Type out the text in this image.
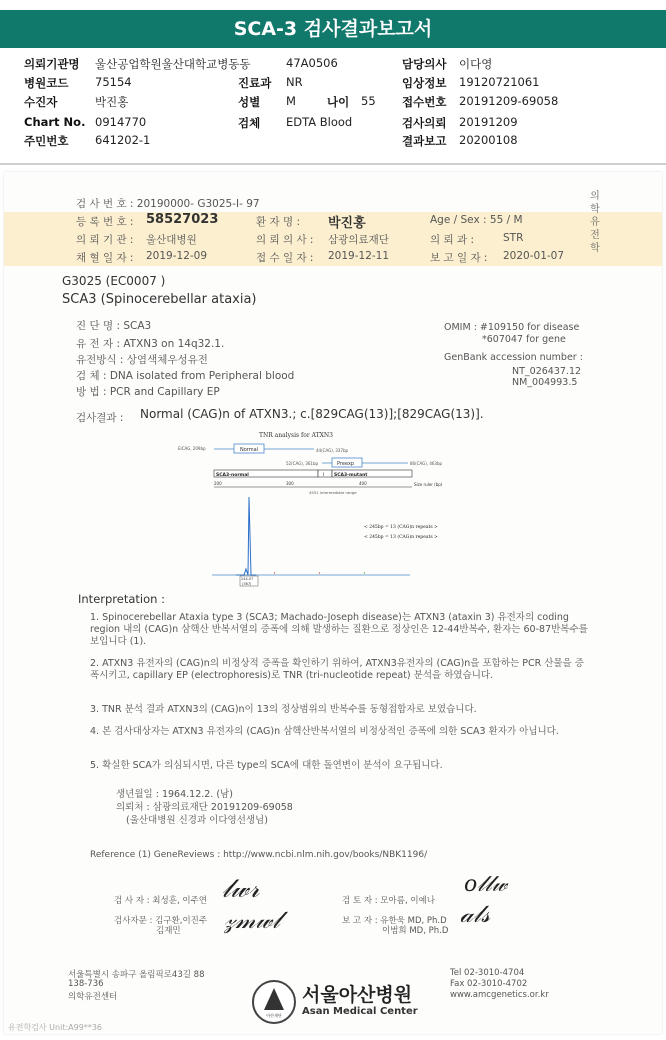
SCA-3 검사결과보고서
의뢰기관명 울산공업학원울산대학교병동동	47A0506	담당의사 이다영
병원코드 75154	진료과 NR	임상정보 19120721061
수진자	박진홍	성별 M	나이 55 접수번호 20191209-69058
Chart No. 0914770	검체 EDTA Blood	검사의뢰 20191209
주민번호 641202-1	결과보고 20200108
의학유전학
검 사 번 호 : 20190000- G3025-I- 97
등 록 번 호 : 58527023	환 자 명 : 박진홍	Age / Sex : 55 / M
의 뢰 기 관 : 울산대병원	의 뢰 의 사 : 삼광의료재단	의 뢰 과 :	STR
채 혈 일 자 : 2019-12-09	접 수 일 자 : 2019-12-11	보 고 일 자 : 2020-01-07
G3025 (EC0007 )
SCA3 (Spinocerebellar ataxia)
진 단 명 : SCA3
유 전 자 : ATXN3 on 14q32.1.
유전방식 : 상염색체우성유전
검 체 : DNA isolated from Peripheral blood
방 법 : PCR and Capillary EP
OMIM : #109150 for disease
*607047 for gene
GenBank accession number :
NT_026437.12
NM_004993.5
검사결과 : Normal (CAG)n of ATXN3.; c.[829CAG(13)];[829CAG(13)].
TNR analysis for ATXN3
EICAG, 209bp	Normal	44(CAG), 337bp
52(CAG), 361bp	Preexp	86(CAG), 463bp
SCA3-normal	I SCA3-mutant
200	300	400	Size ruler (bp)
4551 intermediate range
244.07
(367)
< 245bp = 13 (CAG)n repeats >
< 245bp = 13 (CAG)n repeats >
Interpretation :
1. Spinocerebellar Ataxia type 3 (SCA3; Machado-Joseph disease)는 ATXN3 (ataxin 3) 유전자의 coding region 내의 (CAG)n 삼핵산 반복서열의 증폭에 의해 발생하는 질환으로 정상인은 12-44반복수, 환자는 60-87반복수를 보입니다 (1).
2. ATXN3 유전자의 (CAG)n의 비정상적 증폭을 확인하기 위하여, ATXN3유전자의 (CAG)n을 포함하는 PCR 산물을 증폭시키고, capillary EP (electrophoresis)로 TNR (tri-nucleotide repeat) 분석을 하였습니다.
3. TNR 분석 결과 ATXN3의 (CAG)n이 13의 정상범위의 반복수를 동형접합자로 보였습니다.
4. 본 검사대상자는 ATXN3 유전자의 (CAG)n 삼핵산반복서열의 비정상적인 증폭에 의한 SCA3 환자가 아닙니다.
5. 확실한 SCA가 의심되시면, 다른 type의 SCA에 대한 돌연변이 분석이 요구됩니다.
생년월일 : 1964.12.2. (남)
의뢰처 : 삼광의료재단 20191209-69058
(울산대병원 신경과 이다영선생님)
Reference (1) GeneReviews : http://www.ncbi.nlm.nih.gov/books/NBK1196/
검 사 자 : 최성훈, 이주연 𝓁𝓌𝓇	검 토 자 : 모아름, 이예나
o𝓁𝓁𝓌
검사자문 : 김구환,이진주
김재민 𝓏𝓂𝓌𝓁	보 고 자 : 유한욱 MD, Ph.D
이범희 MD, Ph.D
𝒶𝓁𝓈
서울특별시 송파구 올림픽로43길 88
138-736
의학유전센터
아산재단
서울아산병원
Asan Medical Center
Tel 02-3010-4704
Fax 02-3010-4702
www.amcgenetics.or.kr
유전학검사 Unit:A99**36
